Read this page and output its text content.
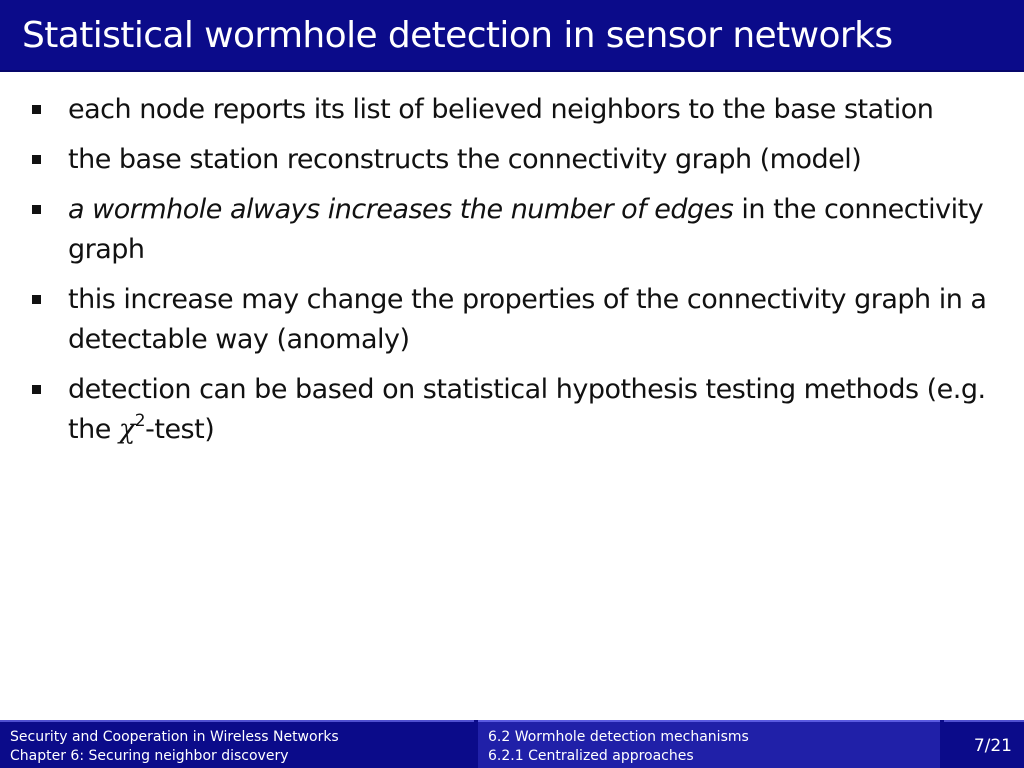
Statistical wormhole detection in sensor networks
each node reports its list of believed neighbors to the base station
the base station reconstructs the connectivity graph (model)
a wormhole always increases the number of edges in the connectivity graph
this increase may change the properties of the connectivity graph in a detectable way (anomaly)
detection can be based on statistical hypothesis testing methods (e.g. the $\chi^2-test$)
Security and Cooperation in Wireless Networks
Chapter 6: Securing neighbor discovery
6.2 Wormhole detection mechanisms
6.2.1 Centralized approaches	7/21
